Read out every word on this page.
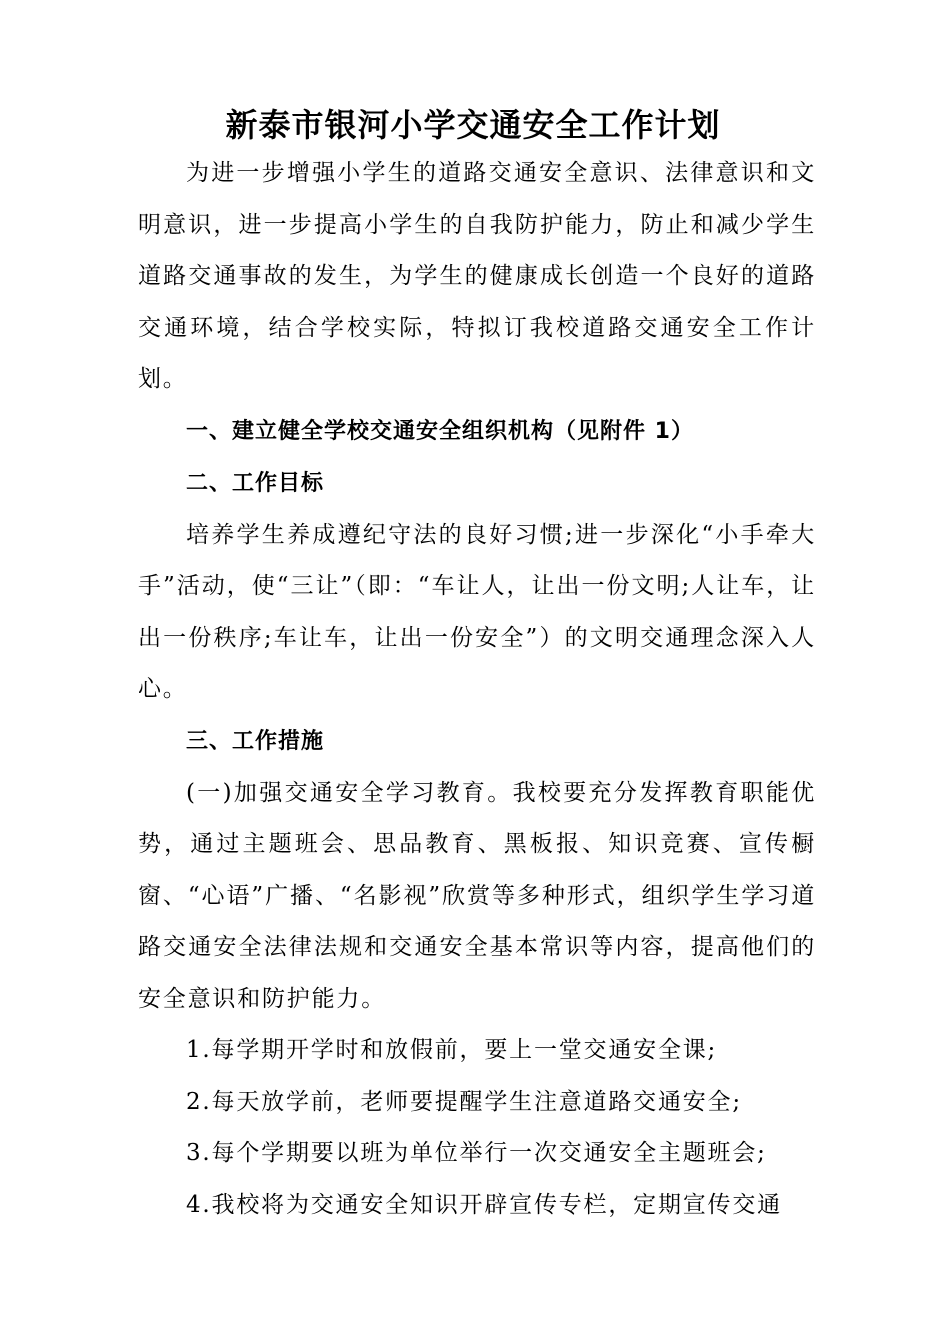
新泰市银河小学交通安全工作计划

为进一步增强小学生的道路交通安全意识、法律意识和文明意识，进一步提高小学生的自我防护能力，防止和减少学生道路交通事故的发生，为学生的健康成长创造一个良好的道路交通环境，结合学校实际，特拟订我校道路交通安全工作计划。

一、建立健全学校交通安全组织机构（见附件 1）

二、工作目标

培养学生养成遵纪守法的良好习惯;进一步深化“小手牵大手”活动，使“三让”（即：“车让人，让出一份文明;人让车，让出一份秩序;车让车，让出一份安全”）的文明交通理念深入人心。

三、工作措施

(一)加强交通安全学习教育。我校要充分发挥教育职能优势，通过主题班会、思品教育、黑板报、知识竞赛、宣传橱窗、“心语”广播、“名影视”欣赏等多种形式，组织学生学习道路交通安全法律法规和交通安全基本常识等内容，提高他们的安全意识和防护能力。

1.每学期开学时和放假前，要上一堂交通安全课;

2.每天放学前，老师要提醒学生注意道路交通安全;

3.每个学期要以班为单位举行一次交通安全主题班会;

4.我校将为交通安全知识开辟宣传专栏，定期宣传交通
